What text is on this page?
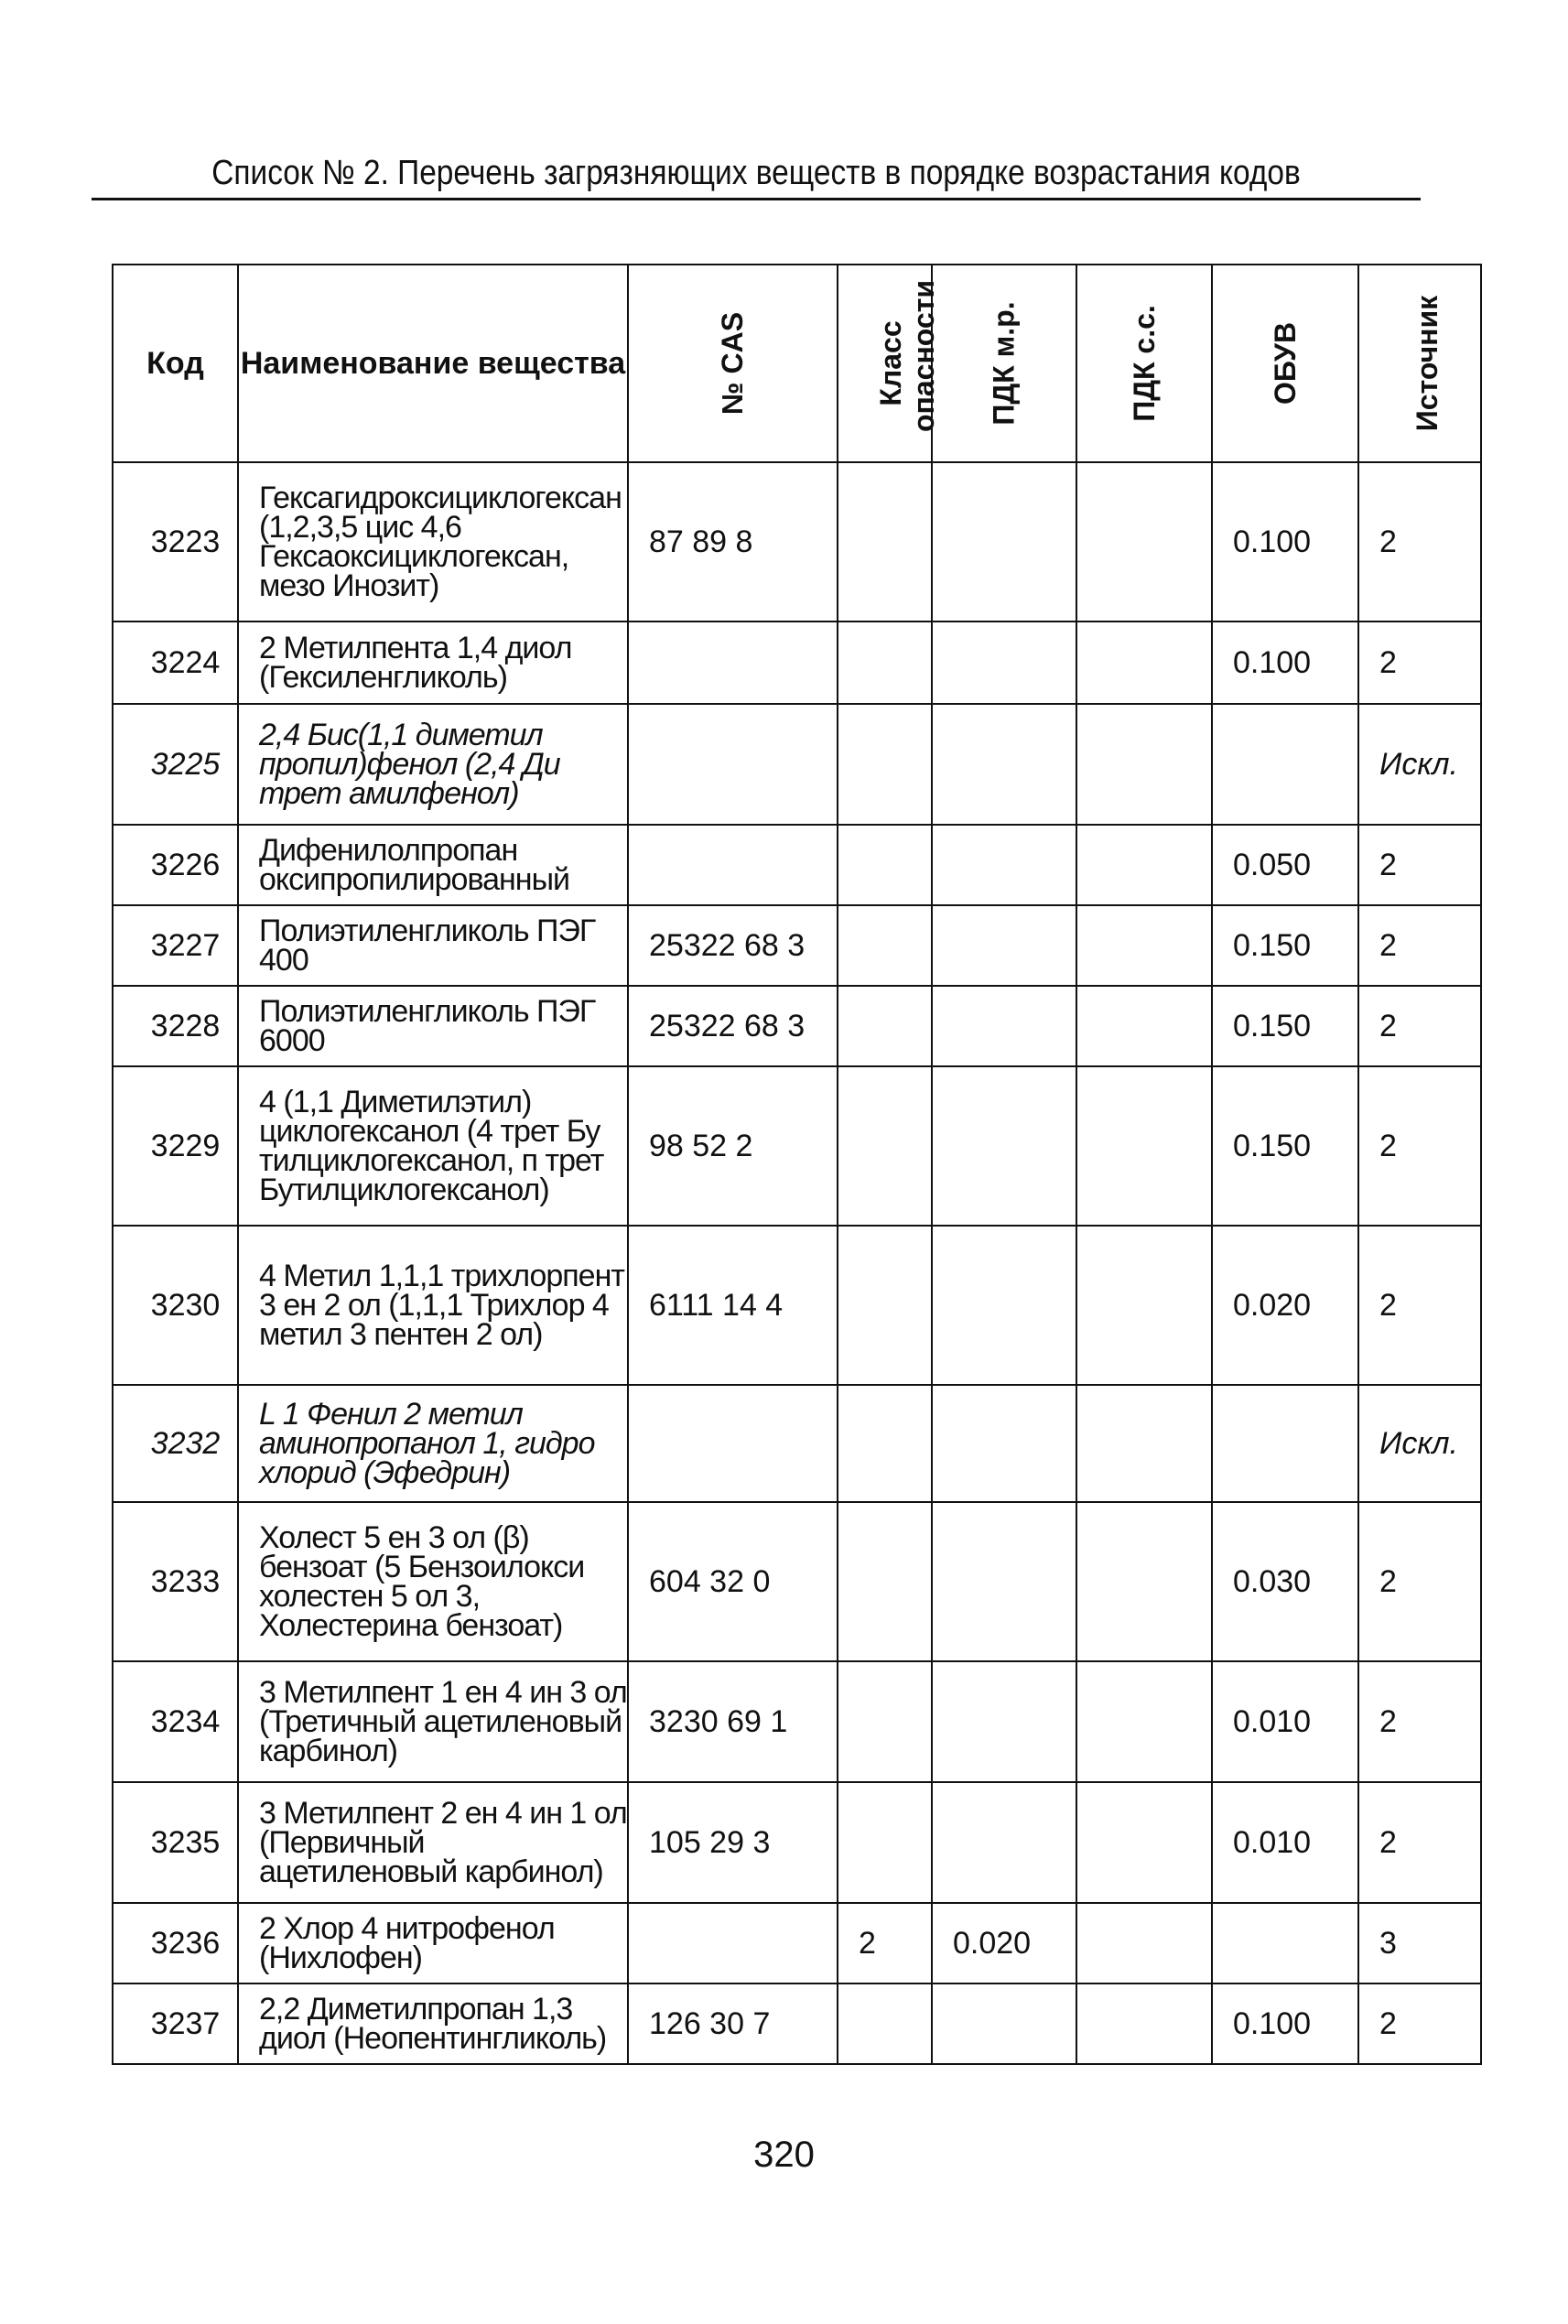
Список № 2. Перечень загрязняющих веществ в порядке возрастания кодов
Код	Наименование вещества	№ CAS	Класс опасности	ПДК м.р.	ПДК с.с.	ОБУВ	Источник
3223	Гексагидроксициклогексан (1,2,3,5 цис 4,6 Гексаоксициклогексан, мезо Инозит)	87 89 8				0.100	2
3224	2 Метилпента 1,4 диол (Гексиленгликоль)					0.100	2
3225	2,4 Бис(1,1 диметил пропил)фенол (2,4 Ди трет амилфенол)						Искл.
3226	Дифенилолпропан оксипропилированный					0.050	2
3227	Полиэтиленгликоль ПЭГ 400	25322 68 3				0.150	2
3228	Полиэтиленгликоль ПЭГ 6000	25322 68 3				0.150	2
3229	4 (1,1 Диметилэтил) циклогексанол (4 трет Бу тилциклогексанол, п трет Бутилциклогексанол)	98 52 2				0.150	2
3230	4 Метил 1,1,1 трихлорпент 3 ен 2 ол (1,1,1 Трихлор 4 метил 3 пентен 2 ол)	6111 14 4				0.020	2
3232	L 1 Фенил 2 метил аминопропанол 1, гидро хлорид (Эфедрин)						Искл.
3233	Холест 5 ен 3 ол (β) бензоат (5 Бензоилокси холестен 5 ол 3, Холестерина бензоат)	604 32 0				0.030	2
3234	3 Метилпент 1 ен 4 ин 3 ол (Третичный ацетиленовый карбинол)	3230 69 1				0.010	2
3235	3 Метилпент 2 ен 4 ин 1 ол (Первичный ацетиленовый карбинол)	105 29 3				0.010	2
3236	2 Хлор 4 нитрофенол (Нихлофен)		2	0.020			3
3237	2,2 Диметилпропан 1,3 диол (Неопентингликоль)	126 30 7				0.100	2
320
